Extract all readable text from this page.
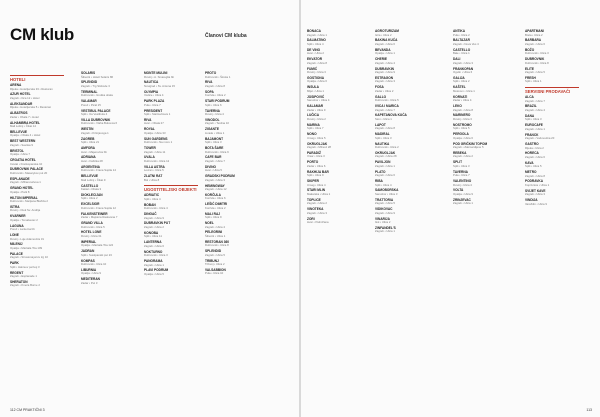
CM klub	Članovi CM kluba
HOTELI
ARENA
Rijeka • Hotelijerska 33 • Restoran
AZUR HOTEL
Zagreb • Ilica 12 • Hotel
ALEKSANDAR
Rijeka • Hotelijerska 5 • Restoran
ALBATROS
Zadar • Obala 7 • Hotel
ALHAMBRA HOTEL
Mali Lošinj • Čikat 12
BELLEVUE
Opatija • Obala 4 • Hotel
BEST WESTERN
Zagreb • Savska 9
BRISTOL
Opatija • Ulica 7
CROATIA HOTEL
Cavtat • Frankopanska 10
DUBROVNIK PALACE
Dubrovnik • Masarykov put 20
ESPLANADE
Zagreb • Mihanovićeva 1
GRAND HOTEL
Opatija • Park 8
HILTON IMPERIAL
Dubrovnik • Marijana Blažića 2
ISTRA
Rovinj • Otok Sv. Andrija
KVARNER
Opatija • Tomaševac 2
LAGUNA
Poreč • Lanterna bb
LONE
Rovinj • Luje Adamovića 31
MILENIJ
Opatija • Maršala Tita 109
PALACE
Zagreb • Strossmayerov trg 10
PARK
Split • Hatzeov perivoj 3
REGENT
Zagreb • Esplanade 1
SHERATON
Zagreb • Kneza Borne 2
SOLARIS
Šibenik • Hoteli Solaris 86
SPLENDID
Zagreb • Trg Slobode 3
TERMINAL
Dubrovnik • Gruška obala
VALAMAR
Poreč • Pical 15
VESTIBUL PALACE
Split • Iza Vestibula 4
VILLA DUBROVNIK
Dubrovnik • Vlaha Bukovca 6
WESTIN
Zagreb • Kršnjavoga 1
ZAGREB
Split • Ulica 21
AMFORA
Hvar • Majerovica bb
ADRIANA
Hvar • Fabrika 28
ARGENTINA
Dubrovnik • Frana Supila 14
BELLEVUE
Mali Lošinj • Čikat 9
CASTELLO
Kaštel • Obala 3
DIOKLECIJAN
Split • Ulica 2
EXCELSIOR
Dubrovnik • Frana Supila 12
FALKENSTEINER
Zadar • Majstora Radovana 7
GRAND VILLA
Dubrovnik • Ulica 5
HOTEL LONE
Rovinj • Ulica 31
IMPERIAL
Opatija • Maršala Tita 124
JADRAN
Split • Sustipanski put 23
KOMPAS
Dubrovnik • Ulica 10
LIBURNIA
Opatija • Ulica 9
MEDITERAN
Zadar • Put 3
MONTE MULINI
Rovinj • A. Smareglia bb
NAUTICA
Novigrad • Sv. Antona 15
OLYMPIA
Vodice • Ulica 4
PARK PLAZA
Pula • Ulica 7
PRESIDENT
Split • Starčevićeva 1
RIVA
Hvar • Obala 27
ROYAL
Opatija • Ulica 33
SUN GARDENS
Dubrovnik • Na moru 1
TOWER
Zagreb • Ulica 11
UVALA
Dubrovnik • Ulica 12
VILLA ASTRA
Lovran • Ulica 5
ZLATNI RAT
Bol • Ulica 8
UGOSTITELJSKI OBJEKTI
ADRIATIC
Split • Ulica 4
BOBAN
Dubrovnik • Ulica 4
DINGAČ
Zagreb • Ulica 9
DUBRAVKIN PUT
Zagreb • Ulica 2
KONOBA
Split • Ulica 11
LANTERNA
Zagreb • Ulica 6
NOKTURNO
Dubrovnik • Ulica 3
PANORAMA
Zagreb • Ulica 1
PLAVI PODRUM
Opatija • Ulica 5
PROTO
Dubrovnik • Široka 1
RIVA
Zagreb • Ulica 8
SOPA
Korčula • Ulica 2
STARI PODRUM
Split • Ulica 6
TAVERNA
Rovinj • Ulica 4
VINODOL
Zagreb • Teslina 10
ZIGANTE
Livade • Ulica 1
BAJAMONT
Split • Ulica 3
BOTA ŠARE
Dubrovnik • Ulica 9
CAFE BAR
Zagreb • Ulica 7
DIVINO
Hvar • Ulica 5
GRADSKI PODRUM
Zagreb • Ulica 3
HEMINGWAY
Zagreb • Ulica 12
KORČULA
Korčula • Ulica 6
LEŠIĆ DIMITRI
Korčula • Ulica 2
MALI RAJ
Split • Ulica 9
NOEL
Zagreb • Ulica 4
PELEGRINI
Šibenik • Ulica 1
RESTORAN 360
Dubrovnik • Ulica 8
SPLENDID
Zagreb • Ulica 5
TRIBUNJ
Tribunj • Ulica 2
VALSABBION
Pula • Ulica 10
112 CM PRAKTIČNI 3
BONACA
Zagreb • Ulica 1
DALMATINO
Split • Ulica 4
DE VINO
Hvar • Ulica 2
EKVATOR
Zagreb • Ulica 8
FUMIĆ
Rovinj • Ulica 3
GOSTIONA
Opatija • Ulica 6
INSULA
Mljet • Ulica 1
JOSIPOVIĆ
Samobor • Ulica 4
KALAMAR
Zadar • Ulica 9
LUČICA
Rovinj • Ulica 2
MARINA
Split • Ulica 7
NONO
Umag • Ulica 5
OKRUGLJAK
Zagreb • Mlinovi 28
PARADIŽ
Vrsar • Ulica 3
PORTO
Zadar • Ulica 6
RAKHIJA BAR
Split • Ulica 9
SKIPER
Umag • Ulica 4
STARI MLIN
Makarska • Ulica 1
TOPLICE
Zagreb • Ulica 2
VINOTEKA
Zagreb • Ulica 3
ZORI
Hvar • Palmižana
AGROTURIZAM
Istra • Ulica 2
BAKINA KUĆA
Zagreb • Ulica 6
BEVANDA
Opatija • Ulica 1
CHERIE
Zagreb • Ulica 4
DUBRAVKIN
Zagreb • Ulica 9
ESTRAGON
Zagreb • Ulica 3
FOSA
Zadar • Ulica 2
GALLO
Dubrovnik • Ulica 5
IVICA I MARICA
Zagreb • Ulica 7
KAPETANOVA KUĆA
Ston • Ulica 1
LAPOT
Zagreb • Ulica 8
MADIRAL
Split • Ulica 3
NAUTIKA
Dubrovnik • Ulica 2
OKRUGLJAK
Zagreb • Ulica 28
PAVILJON
Zagreb • Ulica 1
PLATO
Zagreb • Ulica 6
RIBA
Split • Ulica 4
SAMOBORSKA
Samobor • Ulica 3
TRATTORIA
Zagreb • Ulica 5
VIDIKOVAC
Zagreb • Ulica 9
VINARIJA
Ilok • Ulica 2
ZINFANDEL'S
Zagreb • Ulica 1
ANTIKA
Pula • Ulica 2
BALTAZAR
Zagreb • Nova Ves 4
CASTELLO
Bale • Ulica 1
DALI
Zagreb • Ulica 3
FRANKOPAN
Ogulin • Ulica 6
GALIJA
Split • Ulica 2
KAŠTEL
Motovun • Ulica 1
KORNATI
Zadar • Ulica 4
LEKO
Zagreb • Ulica 8
MARINERO
Rovinj • Ulica 3
NOSTROMO
Split • Ulica 5
PERGOLA
Opatija • Ulica 6
POD GRIČKIM TOPOM
Zagreb • Zakmardijeve 5
REBEKA
Zagreb • Ulica 2
SPLIT
Split • Ulica 3
TAVERNA
Pula • Ulica 7
VALENTINO
Rovinj • Ulica 4
VOLTA
Opatija • Ulica 9
ZRINJEVAC
Zagreb • Ulica 1
APARTMANI
Brela • Ulica 2
BARBARA
Zagreb • Ulica 6
BOŽO
Dubrovnik • Ulica 3
DUBROVNIK
Dubrovnik • Ulica 8
ELITE
Zagreb • Ulica 5
FRESH
Split • Ulica 1
SERVISNI PRODAVAČI
ALCA
Zagreb • Ulica 7
BRAZIL
Zagreb • Ulica 4
DANA
Split • Ulica 3
EUROCAFE
Zagreb • Ulica 1
FRANCK
Zagreb • Vodovodna 20
GASTRO
Rijeka • Ulica 2
HORECA
Zagreb • Ulica 6
KAVA
Split • Ulica 5
METRO
Zagreb • Ulica 8
PODRAVKA
Koprivnica • Ulica 1
SVIJET KAVE
Zagreb • Ulica 3
VINDIJA
Varaždin • Ulica 9
113
